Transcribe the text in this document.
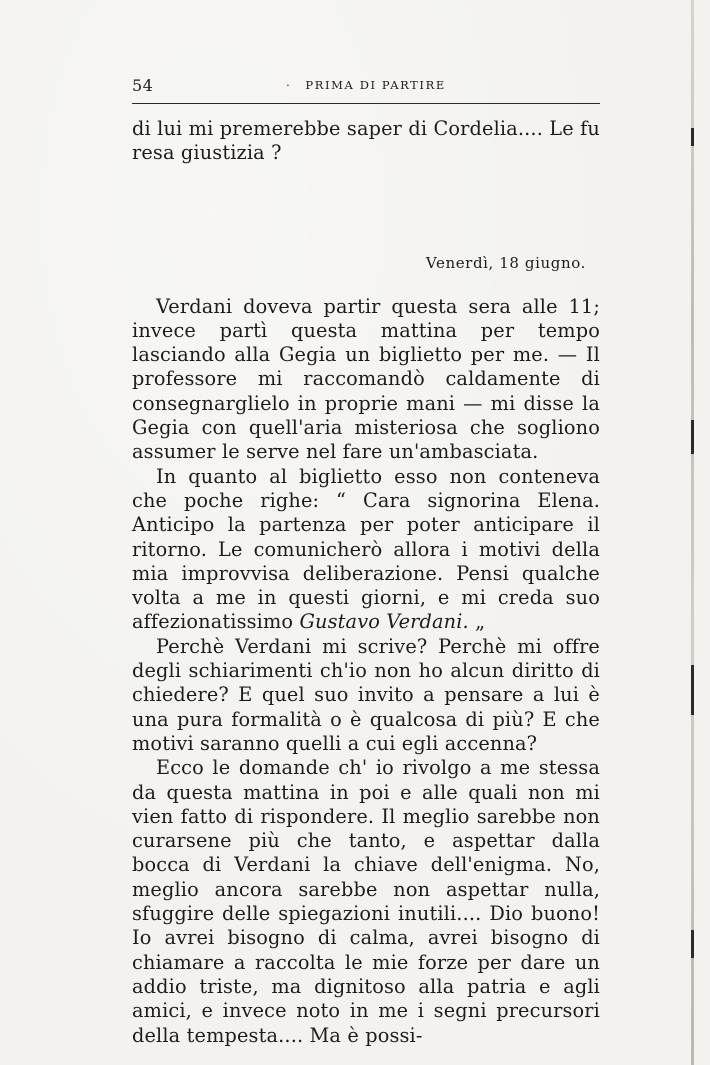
54	· PRIMA DI PARTIRE

di lui mi premerebbe saper di Cordelia.... Le fu resa giustizia ?

Venerdì, 18 giugno.

Verdani doveva partir questa sera alle 11; invece partì questa mattina per tempo lasciando alla Gegia un biglietto per me. — Il professore mi raccomandò caldamente di consegnarglielo in proprie mani — mi disse la Gegia con quell'aria misteriosa che sogliono assumer le serve nel fare un'ambasciata.

In quanto al biglietto esso non conteneva che poche righe: “ Cara signorina Elena. Anticipo la partenza per poter anticipare il ritorno. Le comunicherò allora i motivi della mia improvvisa deliberazione. Pensi qualche volta a me in questi giorni, e mi creda suo affezionatissimo Gustavo Verdani. „

Perchè Verdani mi scrive? Perchè mi offre degli schiarimenti ch'io non ho alcun diritto di chiedere? E quel suo invito a pensare a lui è una pura formalità o è qualcosa di più? E che motivi saranno quelli a cui egli accenna?

Ecco le domande ch' io rivolgo a me stessa da questa mattina in poi e alle quali non mi vien fatto di rispondere. Il meglio sarebbe non curarsene più che tanto, e aspettar dalla bocca di Verdani la chiave dell'enigma. No, meglio ancora sarebbe non aspettar nulla, sfuggire delle spiegazioni inutili.... Dio buono! Io avrei bisogno di calma, avrei bisogno di chiamare a raccolta le mie forze per dare un addio triste, ma dignitoso alla patria e agli amici, e invece noto in me i segni precursori della tempesta.... Ma è possi-
